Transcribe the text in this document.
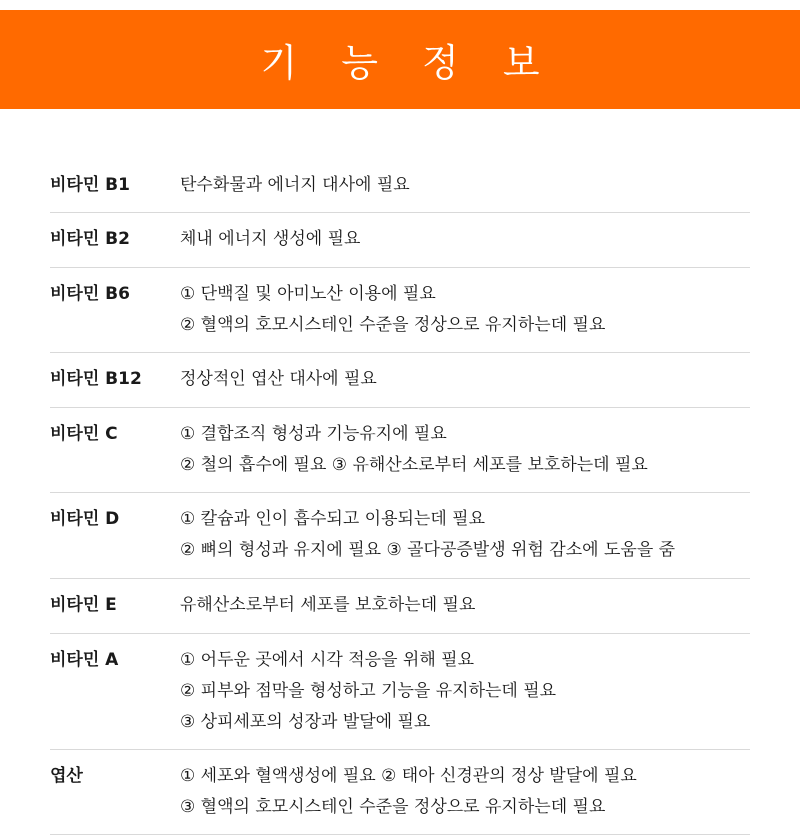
기 능 정 보
비타민 B1	탄수화물과 에너지 대사에 필요
비타민 B2	체내 에너지 생성에 필요
비타민 B6	① 단백질 및 아미노산 이용에 필요
② 혈액의 호모시스테인 수준을 정상으로 유지하는데 필요
비타민 B12	정상적인 엽산 대사에 필요
비타민 C	① 결합조직 형성과 기능유지에 필요
② 철의 흡수에 필요 ③ 유해산소로부터 세포를 보호하는데 필요
비타민 D	① 칼슘과 인이 흡수되고 이용되는데 필요
② 뼈의 형성과 유지에 필요 ③ 골다공증발생 위험 감소에 도움을 줌
비타민 E	유해산소로부터 세포를 보호하는데 필요
비타민 A	① 어두운 곳에서 시각 적응을 위해 필요
② 피부와 점막을 형성하고 기능을 유지하는데 필요
③ 상피세포의 성장과 발달에 필요
엽산	① 세포와 혈액생성에 필요 ② 태아 신경관의 정상 발달에 필요
③ 혈액의 호모시스테인 수준을 정상으로 유지하는데 필요
